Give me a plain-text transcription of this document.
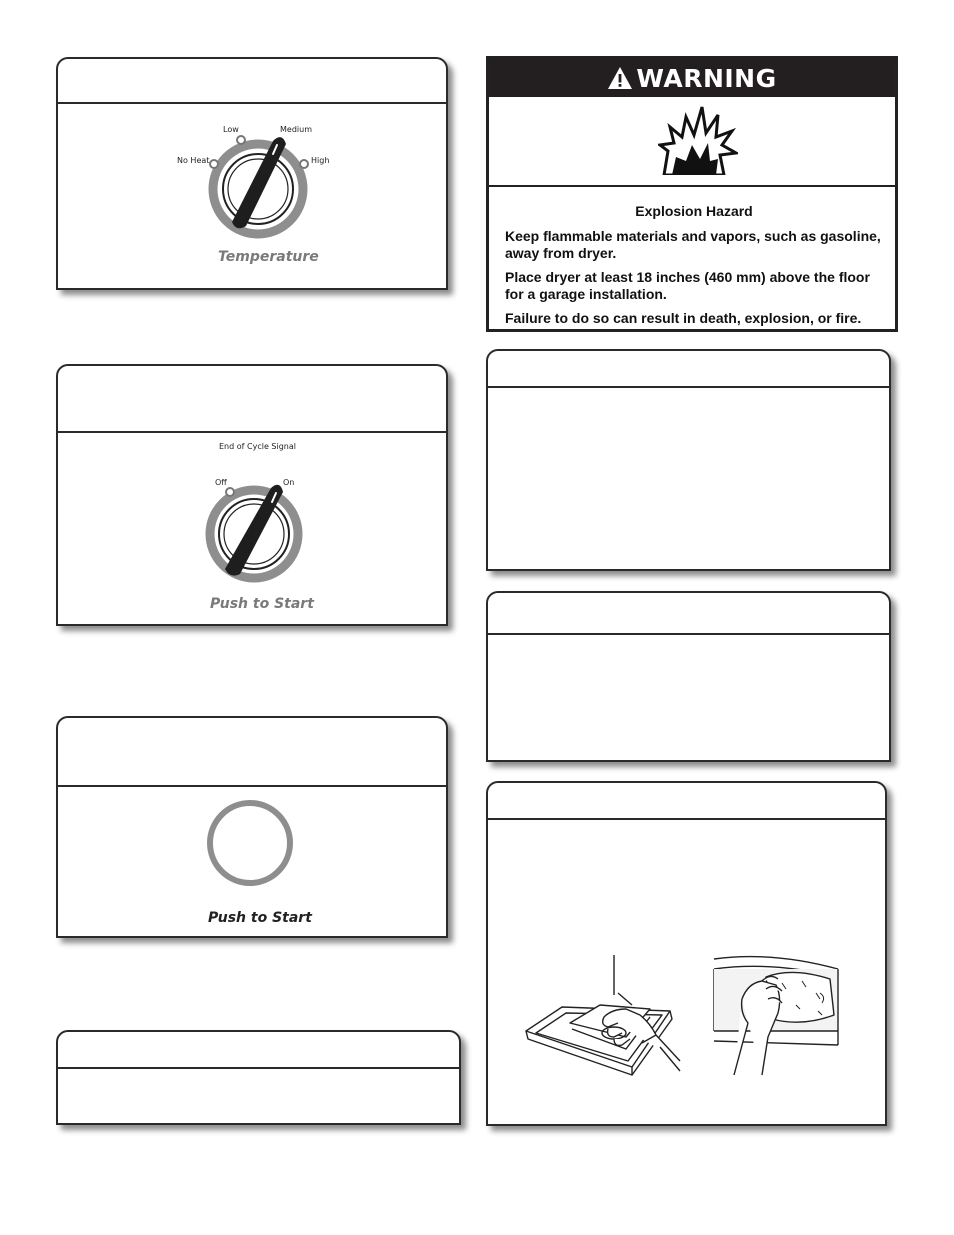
No Heat
Low	Medium
High
Temperature
End of Cycle Signal
Off	On
Push to Start
Push to Start
WARNING
Explosion Hazard

Keep flammable materials and vapors, such as gasoline, away from dryer.

Place dryer at least 18 inches (460 mm) above the floor for a garage installation.

Failure to do so can result in death, explosion, or fire.
